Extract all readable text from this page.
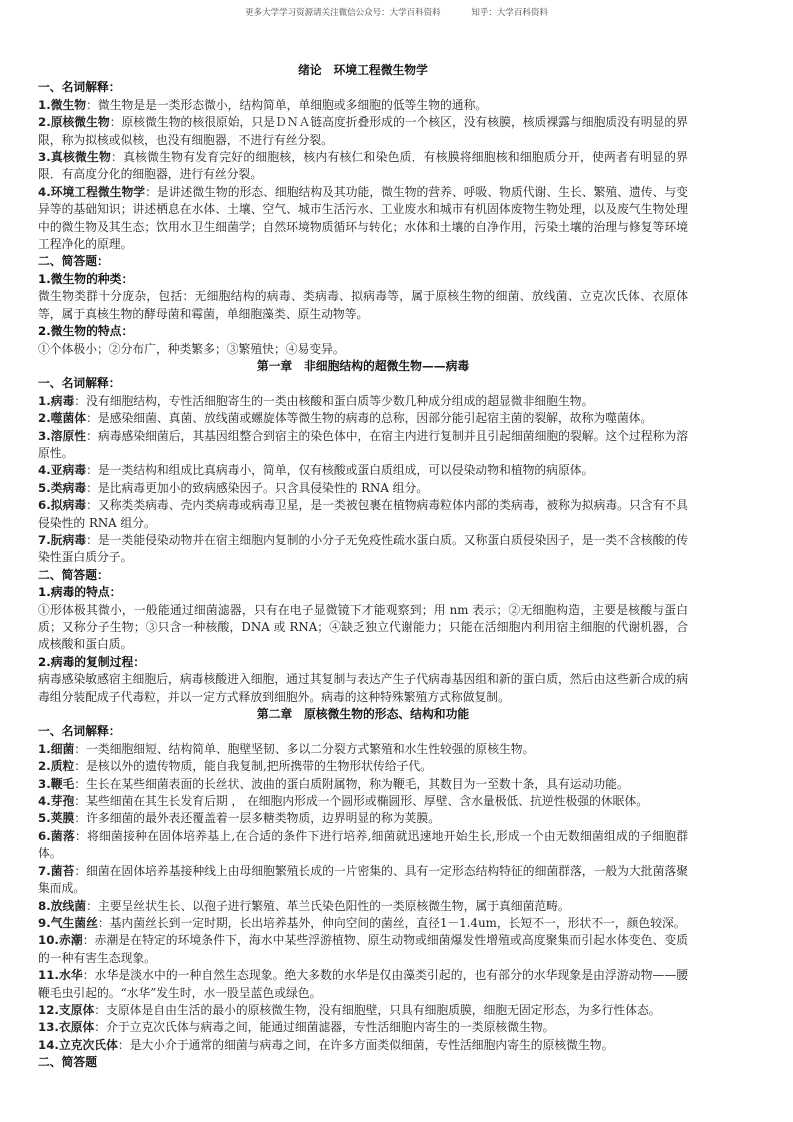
更多大学学习资源请关注微信公众号：大学百科资料	知乎：大学百科资料
绪论　环境工程微生物学
一、名词解释：
1.微生物：微生物是是一类形态微小，结构简单，单细胞或多细胞的低等生物的通称。
2.原核微生物：原核微生物的核很原始，只是ＤＮＡ链高度折叠形成的一个核区，没有核膜，核质裸露与细胞质没有明显的界限，称为拟核或似核，也没有细胞器，不进行有丝分裂。
3.真核微生物：真核微生物有发育完好的细胞核，核内有核仁和染色质．有核膜将细胞核和细胞质分开，使两者有明显的界限．有高度分化的细胞器，进行有丝分裂。
4.环境工程微生物学：是讲述微生物的形态、细胞结构及其功能，微生物的营养、呼吸、物质代谢、生长、繁殖、遗传、与变异等的基础知识；讲述栖息在水体、土壤、空气、城市生活污水、工业废水和城市有机固体废物生物处理，以及废气生物处理中的微生物及其生态；饮用水卫生细菌学；自然环境物质循环与转化；水体和土壤的自净作用，污染土壤的治理与修复等环境工程净化的原理。
二、简答题：
1.微生物的种类：
微生物类群十分庞杂，包括：无细胞结构的病毒、类病毒、拟病毒等，属于原核生物的细菌、放线菌、立克次氏体、衣原体等，属于真核生物的酵母菌和霉菌，单细胞藻类、原生动物等。
2.微生物的特点：
①个体极小；②分布广，种类繁多；③繁殖快；④易变异。
第一章　非细胞结构的超微生物——病毒
一、名词解释：
1.病毒：没有细胞结构，专性活细胞寄生的一类由核酸和蛋白质等少数几种成分组成的超显微非细胞生物。
2.噬菌体：是感染细菌、真菌、放线菌或螺旋体等微生物的病毒的总称，因部分能引起宿主菌的裂解，故称为噬菌体。
3.溶原性：病毒感染细菌后，其基因组整合到宿主的染色体中，在宿主内进行复制并且引起细菌细胞的裂解。这个过程称为溶原性。
4.亚病毒：是一类结构和组成比真病毒小，简单，仅有核酸或蛋白质组成，可以侵染动物和植物的病原体。
5.类病毒：是比病毒更加小的致病感染因子。只含具侵染性的 RNA 组分。
6.拟病毒：又称类类病毒、壳内类病毒或病毒卫星，是一类被包裹在植物病毒粒体内部的类病毒，被称为拟病毒。只含有不具侵染性的 RNA 组分。
7.朊病毒：是一类能侵染动物并在宿主细胞内复制的小分子无免疫性疏水蛋白质。又称蛋白质侵染因子，是一类不含核酸的传染性蛋白质分子。
二、简答题：
1.病毒的特点：
①形体极其微小，一般能通过细菌滤器，只有在电子显微镜下才能观察到；用 nm 表示；②无细胞构造，主要是核酸与蛋白质；又称分子生物；③只含一种核酸，DNA 或 RNA；④缺乏独立代谢能力；只能在活细胞内利用宿主细胞的代谢机器，合成核酸和蛋白质。
2.病毒的复制过程：
病毒感染敏感宿主细胞后，病毒核酸进入细胞，通过其复制与表达产生子代病毒基因组和新的蛋白质，然后由这些新合成的病毒组分装配成子代毒粒，并以一定方式释放到细胞外。病毒的这种特殊繁殖方式称做复制。
第二章　原核微生物的形态、结构和功能
一、名词解释：
1.细菌：一类细胞细短、结构简单、胞壁坚韧、多以二分裂方式繁殖和水生性较强的原核生物。
2.质粒：是核以外的遗传物质，能自我复制,把所携带的生物形状传给子代。
3.鞭毛：生长在某些细菌表面的长丝状、波曲的蛋白质附属物，称为鞭毛，其数目为一至数十条，具有运动功能。
4.芽孢：某些细菌在其生长发育后期 ， 在细胞内形成一个圆形或椭圆形、厚壁、含水量极低、抗逆性极强的休眠体。
5.荚膜：许多细菌的最外表还覆盖着一层多糖类物质，边界明显的称为荚膜。
6.菌落：将细菌接种在固体培养基上,在合适的条件下进行培养,细菌就迅速地开始生长,形成一个由无数细菌组成的子细胞群体。
7.菌苔：细菌在固体培养基接种线上由母细胞繁殖长成的一片密集的、具有一定形态结构特征的细菌群落，一般为大批菌落聚集而成。
8.放线菌：主要呈丝状生长、以孢子进行繁殖、革兰氏染色阳性的一类原核微生物，属于真细菌范畴。
9.气生菌丝：基内菌丝长到一定时期，长出培养基外，伸向空间的菌丝，直径1－1.4um，长短不一，形状不一，颜色较深。
10.赤潮：赤潮是在特定的环境条件下，海水中某些浮游植物、原生动物或细菌爆发性增殖或高度聚集而引起水体变色、变质的一种有害生态现象。
11.水华：水华是淡水中的一种自然生态现象。绝大多数的水华是仅由藻类引起的，也有部分的水华现象是由浮游动物——腰鞭毛虫引起的。“水华”发生时，水一股呈蓝色或绿色。
12.支原体：支原体是自由生活的最小的原核微生物，没有细胞壁，只具有细胞质膜，细胞无固定形态，为多行性体态。
13.衣原体：介于立克次氏体与病毒之间，能通过细菌滤器，专性活细胞内寄生的一类原核微生物。
14.立克次氏体：是大小介于通常的细菌与病毒之间，在许多方面类似细菌，专性活细胞内寄生的原核微生物。
二、简答题
